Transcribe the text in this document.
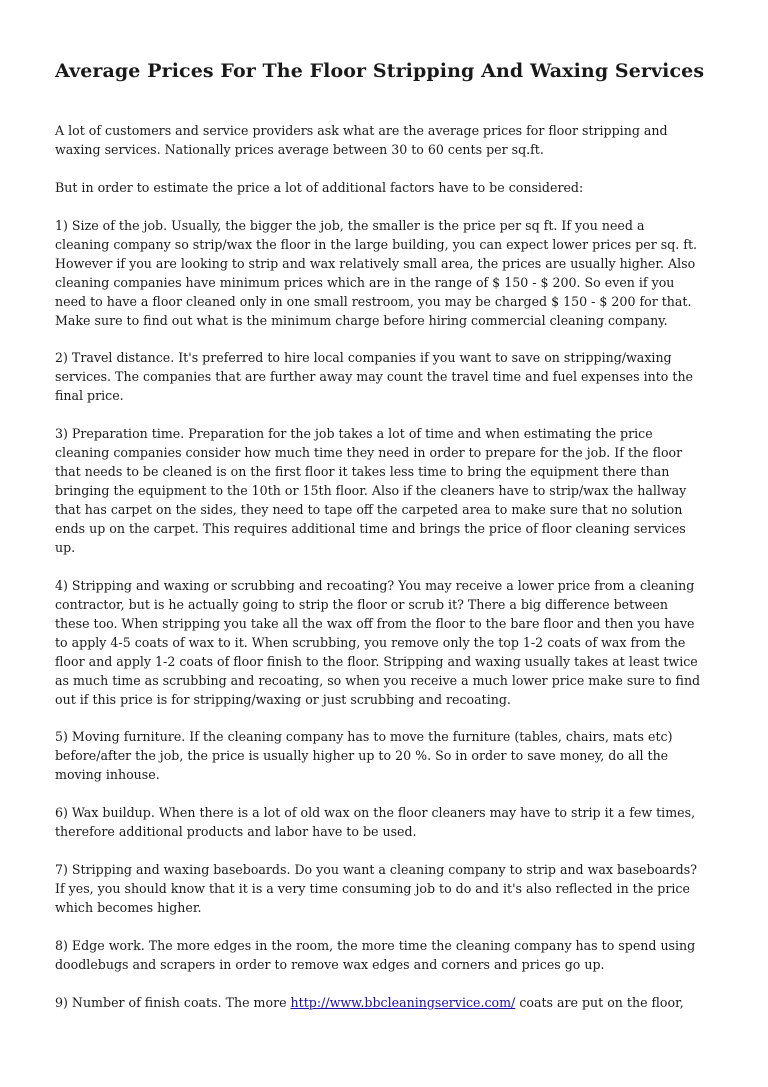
Average Prices For The Floor Stripping And Waxing Services

A lot of customers and service providers ask what are the average prices for floor stripping and
waxing services. Nationally prices average between 30 to 60 cents per sq.ft.

But in order to estimate the price a lot of additional factors have to be considered:

1) Size of the job. Usually, the bigger the job, the smaller is the price per sq ft. If you need a
cleaning company so strip/wax the floor in the large building, you can expect lower prices per sq. ft.
However if you are looking to strip and wax relatively small area, the prices are usually higher. Also
cleaning companies have minimum prices which are in the range of $ 150 - $ 200. So even if you
need to have a floor cleaned only in one small restroom, you may be charged $ 150 - $ 200 for that.
Make sure to find out what is the minimum charge before hiring commercial cleaning company.

2) Travel distance. It's preferred to hire local companies if you want to save on stripping/waxing
services. The companies that are further away may count the travel time and fuel expenses into the
final price.

3) Preparation time. Preparation for the job takes a lot of time and when estimating the price
cleaning companies consider how much time they need in order to prepare for the job. If the floor
that needs to be cleaned is on the first floor it takes less time to bring the equipment there than
bringing the equipment to the 10th or 15th floor. Also if the cleaners have to strip/wax the hallway
that has carpet on the sides, they need to tape off the carpeted area to make sure that no solution
ends up on the carpet. This requires additional time and brings the price of floor cleaning services
up.

4) Stripping and waxing or scrubbing and recoating? You may receive a lower price from a cleaning
contractor, but is he actually going to strip the floor or scrub it? There a big difference between
these too. When stripping you take all the wax off from the floor to the bare floor and then you have
to apply 4-5 coats of wax to it. When scrubbing, you remove only the top 1-2 coats of wax from the
floor and apply 1-2 coats of floor finish to the floor. Stripping and waxing usually takes at least twice
as much time as scrubbing and recoating, so when you receive a much lower price make sure to find
out if this price is for stripping/waxing or just scrubbing and recoating.

5) Moving furniture. If the cleaning company has to move the furniture (tables, chairs, mats etc)
before/after the job, the price is usually higher up to 20 %. So in order to save money, do all the
moving inhouse.

6) Wax buildup. When there is a lot of old wax on the floor cleaners may have to strip it a few times,
therefore additional products and labor have to be used.

7) Stripping and waxing baseboards. Do you want a cleaning company to strip and wax baseboards?
If yes, you should know that it is a very time consuming job to do and it's also reflected in the price
which becomes higher.

8) Edge work. The more edges in the room, the more time the cleaning company has to spend using
doodlebugs and scrapers in order to remove wax edges and corners and prices go up.

9) Number of finish coats. The more http://www.bbcleaningservice.com/ coats are put on the floor,
